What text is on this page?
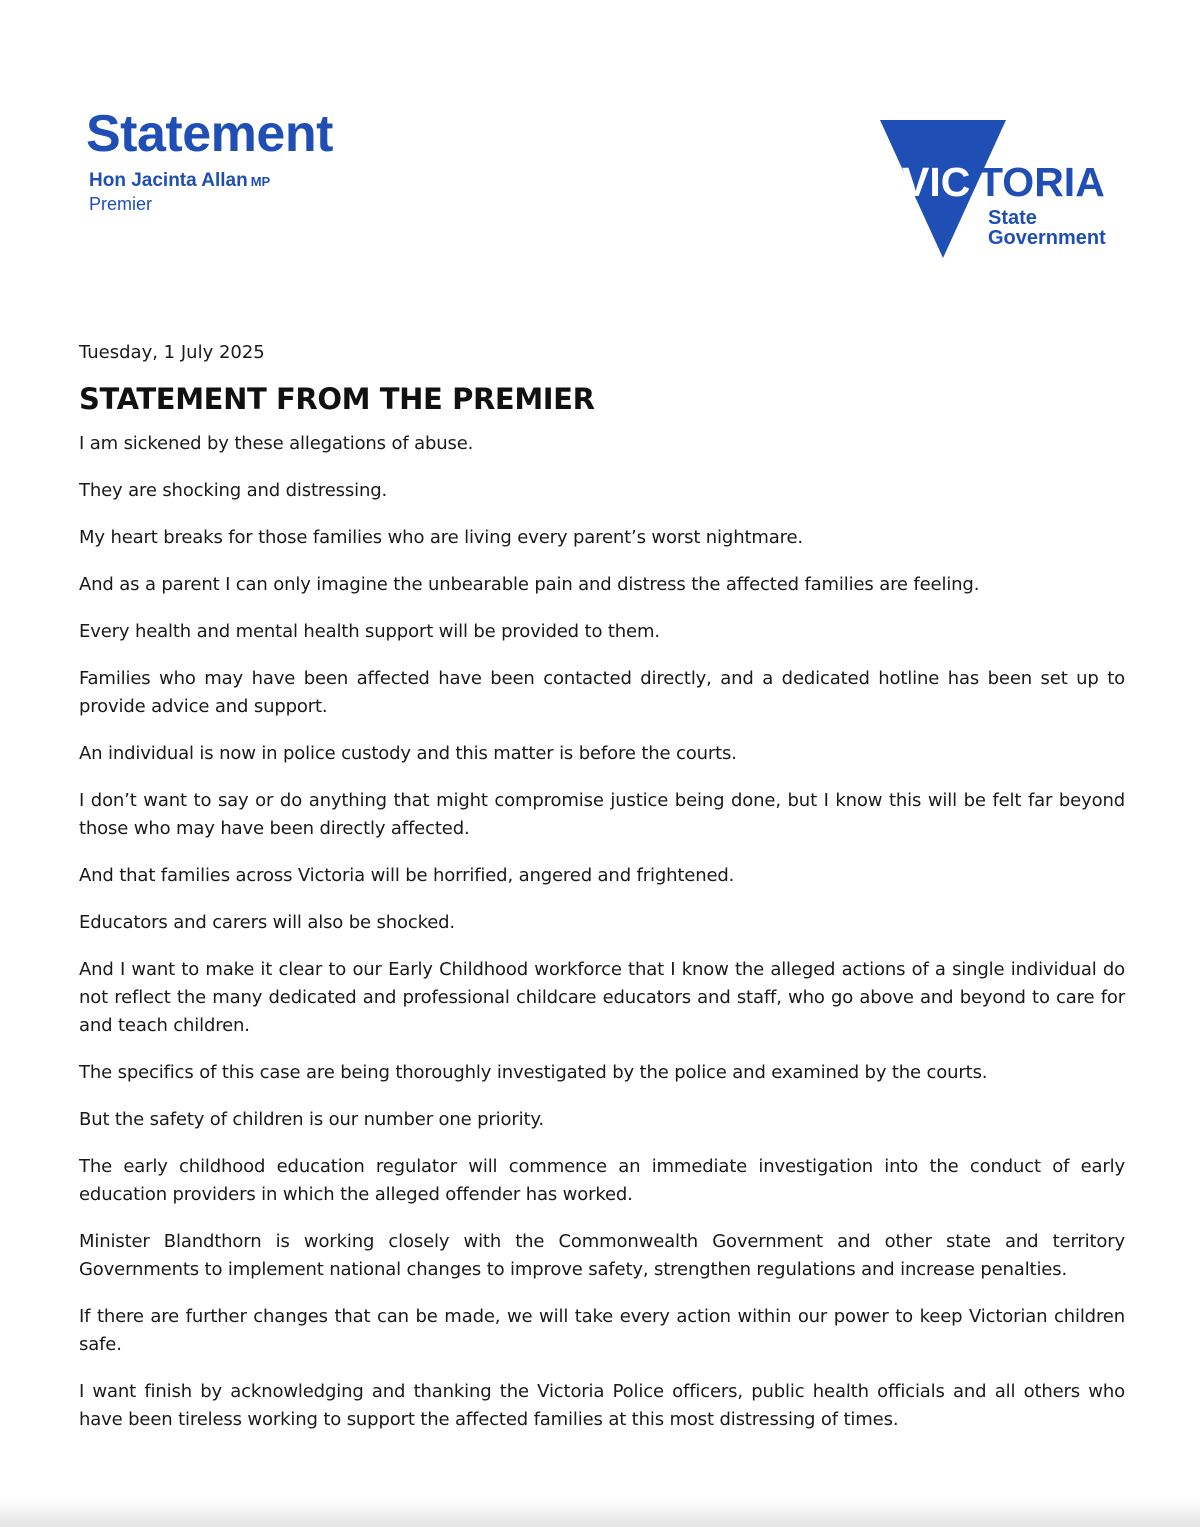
Statement
Hon Jacinta Allan MP
Premier	VIC TORIA
State
Government
Tuesday, 1 July 2025
STATEMENT FROM THE PREMIER

I am sickened by these allegations of abuse.

They are shocking and distressing.

My heart breaks for those families who are living every parent’s worst nightmare.

And as a parent I can only imagine the unbearable pain and distress the affected families are feeling.

Every health and mental health support will be provided to them.

Families who may have been affected have been contacted directly, and a dedicated hotline has been set up to provide advice and support.

An individual is now in police custody and this matter is before the courts.

I don’t want to say or do anything that might compromise justice being done, but I know this will be felt far beyond those who may have been directly affected.

And that families across Victoria will be horrified, angered and frightened.

Educators and carers will also be shocked.

And I want to make it clear to our Early Childhood workforce that I know the alleged actions of a single individual do not reflect the many dedicated and professional childcare educators and staff, who go above and beyond to care for and teach children.

The specifics of this case are being thoroughly investigated by the police and examined by the courts.

But the safety of children is our number one priority.

The early childhood education regulator will commence an immediate investigation into the conduct of early education providers in which the alleged offender has worked.

Minister Blandthorn is working closely with the Commonwealth Government and other state and territory Governments to implement national changes to improve safety, strengthen regulations and increase penalties.

If there are further changes that can be made, we will take every action within our power to keep Victorian children safe.

I want finish by acknowledging and thanking the Victoria Police officers, public health officials and all others who have been tireless working to support the affected families at this most distressing of times.
